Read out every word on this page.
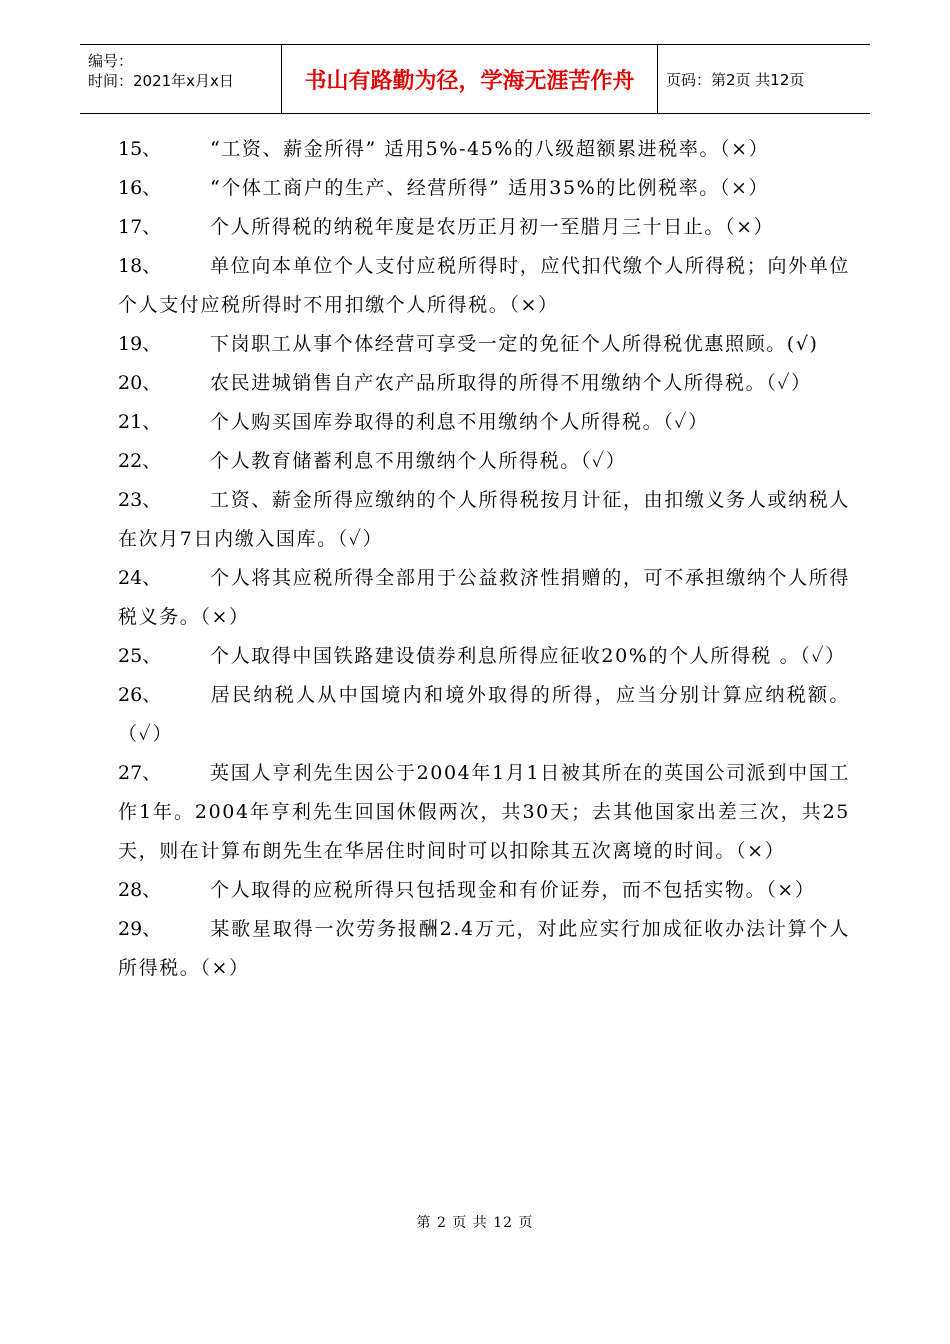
编号：
时间：2021年x月x日	书山有路勤为径，学海无涯苦作舟	页码：第2页 共12页

15、	“工资、薪金所得” 适用5%-45%的八级超额累进税率。（×）

16、	“个体工商户的生产、经营所得” 适用35%的比例税率。（×）

17、	个人所得税的纳税年度是农历正月初一至腊月三十日止。（×）

18、	单位向本单位个人支付应税所得时，应代扣代缴个人所得税；向外单位个人支付应税所得时不用扣缴个人所得税。（×）

19、	下岗职工从事个体经营可享受一定的免征个人所得税优惠照顾。(√)

20、	农民进城销售自产农产品所取得的所得不用缴纳个人所得税。（✓）

21、	个人购买国库券取得的利息不用缴纳个人所得税。（✓）

22、	个人教育储蓄利息不用缴纳个人所得税。（✓）

23、	工资、薪金所得应缴纳的个人所得税按月计征，由扣缴义务人或纳税人在次月7日内缴入国库。（✓）

24、	个人将其应税所得全部用于公益救济性捐赠的，可不承担缴纳个人所得税义务。（×）

25、	个人取得中国铁路建设债券利息所得应征收20%的个人所得税 。（✓）

26、	居民纳税人从中国境内和境外取得的所得，应当分别计算应纳税额。（✓）

27、	英国人亨利先生因公于2004年1月1日被其所在的英国公司派到中国工作1年。2004年亨利先生回国休假两次，共30天；去其他国家出差三次，共25天，则在计算布朗先生在华居住时间时可以扣除其五次离境的时间。（×）

28、	个人取得的应税所得只包括现金和有价证券，而不包括实物。（×）

29、	某歌星取得一次劳务报酬2.4万元，对此应实行加成征收办法计算个人所得税。（×）

第 2 页 共 12 页
